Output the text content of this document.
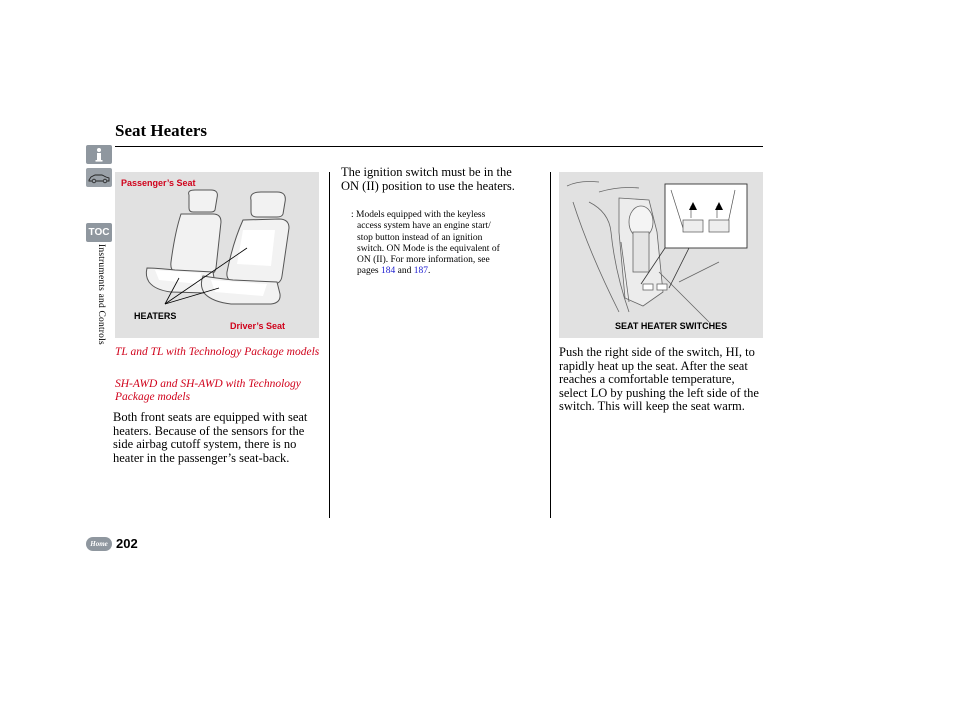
Seat Heaters
TOC
Instruments and Controls
Passenger’s Seat
HEATERS
Driver’s Seat
TL and TL with Technology Package models
SH-AWD and SH-AWD with Technology Package models
Both front seats are equipped with seat heaters. Because of the sensors for the side airbag cutoff system, there is no heater in the passenger’s seat-back.
The ignition switch must be in the
ON (II) position to use the heaters.
: Models equipped with the keyless
access system have an engine start/
stop button instead of an ignition
switch. ON Mode is the equivalent of
ON (II). For more information, see
pages 184 and 187.
SEAT HEATER SWITCHES
Push the right side of the switch, HI, to rapidly heat up the seat. After the seat reaches a comfortable temperature, select LO by pushing the left side of the switch. This will keep the seat warm.
Home 202
